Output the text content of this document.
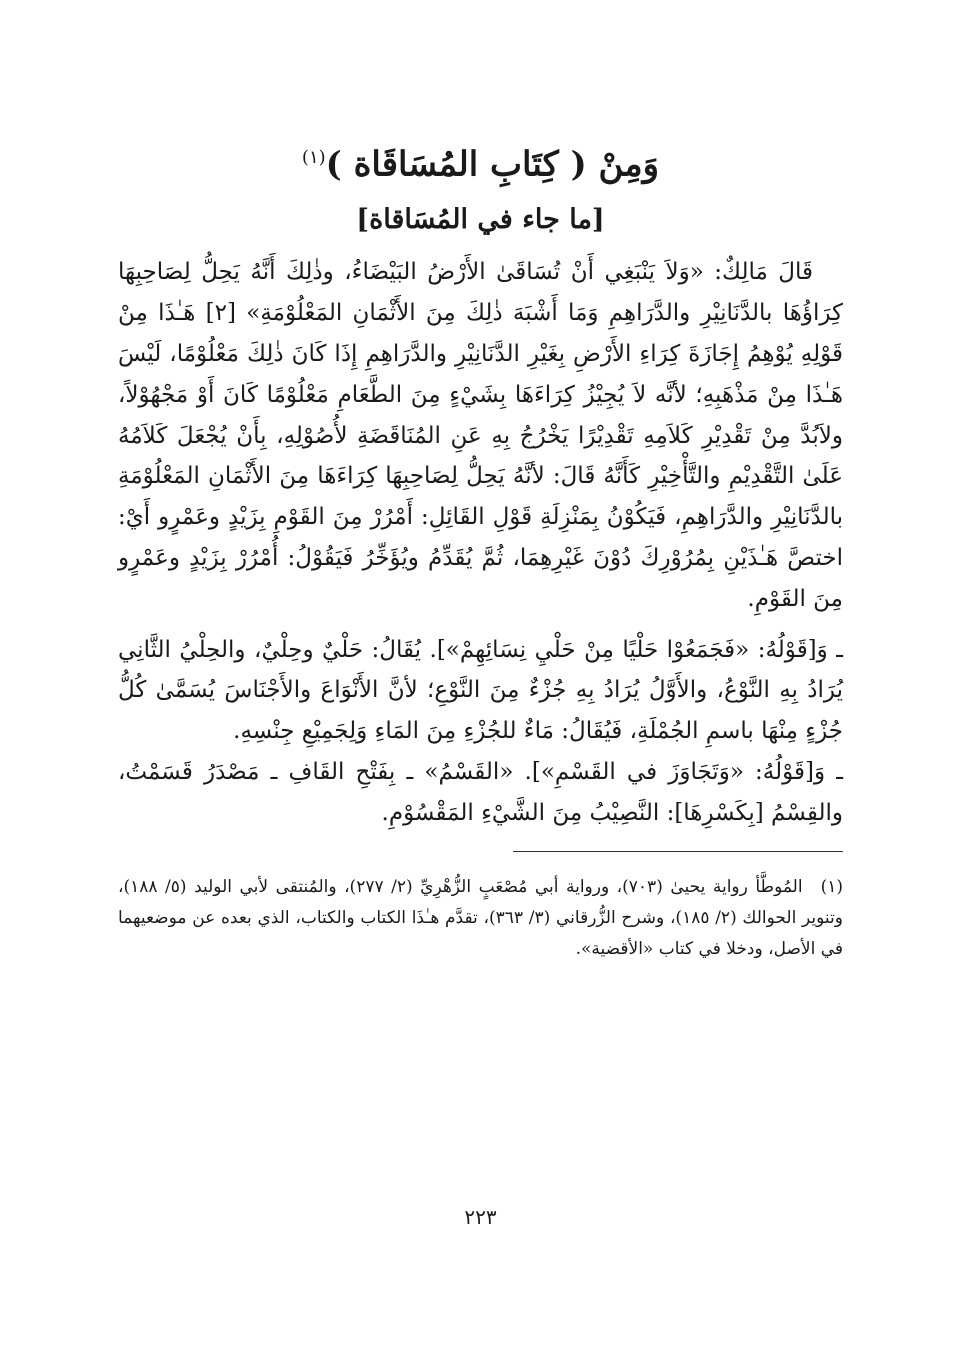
وَمِنْ ( كِتَابِ المُسَاقَاة )$^{(١)}$
[ما جاء في المُسَاقاة]

قَالَ مَالِكٌ: «وَلاَ يَنْبَغِي أَنْ تُسَاقَىٰ الأَرْضُ البَيْضَاءُ، وذٰلِكَ أَنَّهُ يَحِلُّ لِصَاحِبِهَا كِرَاؤُهَا بالدَّنَانِيْرِ والدَّرَاهِمِ وَمَا أَشْبَهَ ذٰلِكَ مِنَ الأَثْمَانِ المَعْلُوْمَةِ» [٢] هَـٰذَا مِنْ قَوْلِهِ يُوْهِمُ إِجَازَةَ كِرَاءِ الأَرْضِ بِغَيْرِ الدَّنَانِيْرِ والدَّرَاهِمِ إِذَا كَانَ ذٰلِكَ مَعْلُوْمًا، لَيْسَ هَـٰذَا مِنْ مَذْهَبِهِ؛ لأنَّه لاَ يُجِيْزُ كِرَاءَهَا بِشَيْءٍ مِنَ الطَّعَامِ مَعْلُوْمًا كَانَ أَوْ مَجْهُوْلاً، ولاَبُدَّ مِنْ تَقْدِيْرِ كَلاَمِهِ تَقْدِيْرًا يَخْرُجُ بِهِ عَنِ المُنَاقَضَةِ لأُصُوْلِهِ، بِأَنْ يُجْعَلَ كَلاَمُهُ عَلَىٰ التَّقْدِيْمِ والتَّأْخِيْرِ كَأَنَّهُ قَالَ: لأنَّهُ يَحِلُّ لِصَاحِبِهَا كِرَاءَهَا مِنَ الأَثْمَانِ المَعْلُوْمَةِ بالدَّنَانِيْرِ والدَّرَاهِمِ، فَيَكُوْنُ بِمَنْزِلَةِ قَوْلِ القَائِلِ: أَمْرُرْ مِنَ القَوْمِ بِزَيْدٍ وعَمْرٍو أَيْ: اختصَّ هَـٰذَيْنِ بِمُرُوْرِكَ دُوْنَ غَيْرِهِمَا، ثُمَّ يُقَدِّمُ ويُؤَخِّرُ فَيَقُوْلُ: أُمْرُرْ بِزَيْدٍ وعَمْرٍو مِنَ القَوْمِ.

ـ وَ[قَوْلُهُ: «فَجَمَعُوْا حَلْيًا مِنْ حَلْيِ نِسَائِهِمْ»]. يُقَالُ: حَلْيٌ وحِلْيٌ، والحِلْيُ الثَّانِي يُرَادُ بِهِ النَّوْعُ، والأَوَّلُ يُرَادُ بِهِ جُزْءٌ مِنَ النَّوْعِ؛ لأنَّ الأَنْوَاعَ والأَجْنَاسَ يُسَمَّىٰ كُلُّ جُزْءٍ مِنْهَا باسمِ الجُمْلَةِ، فَيُقَالُ: مَاءٌ للجُزْءِ مِنَ المَاءِ وَلِجَمِيْعِ جِنْسِهِ.

ـ وَ[قَوْلُهُ: «وَتَجَاوَزَ في القَسْمِ»]. «القَسْمُ» ـ بِفَتْحِ القَافِ ـ مَصْدَرُ قَسَمْتُ، والقِسْمُ [بِكَسْرِهَا]: النَّصِيْبُ مِنَ الشَّيْءِ المَقْسُوْمِ.

(١)المُوطَّأ رواية يحيىٰ (٧٠٣)، ورواية أبي مُصْعَبٍ الزُّهْرِيِّ (٢/ ٢٧٧)، والمُنتقى لأبي الوليد (٥/ ١٨٨)، وتنوير الحوالك (٢/ ١٨٥)، وشرح الزُّرقاني (٣/ ٣٦٣)، تقدَّم هـٰذَا الكتاب والكتاب، الذي بعده عن موضعيهما في الأصل، ودخلا في كتاب «الأقضية».
٢٢٣
